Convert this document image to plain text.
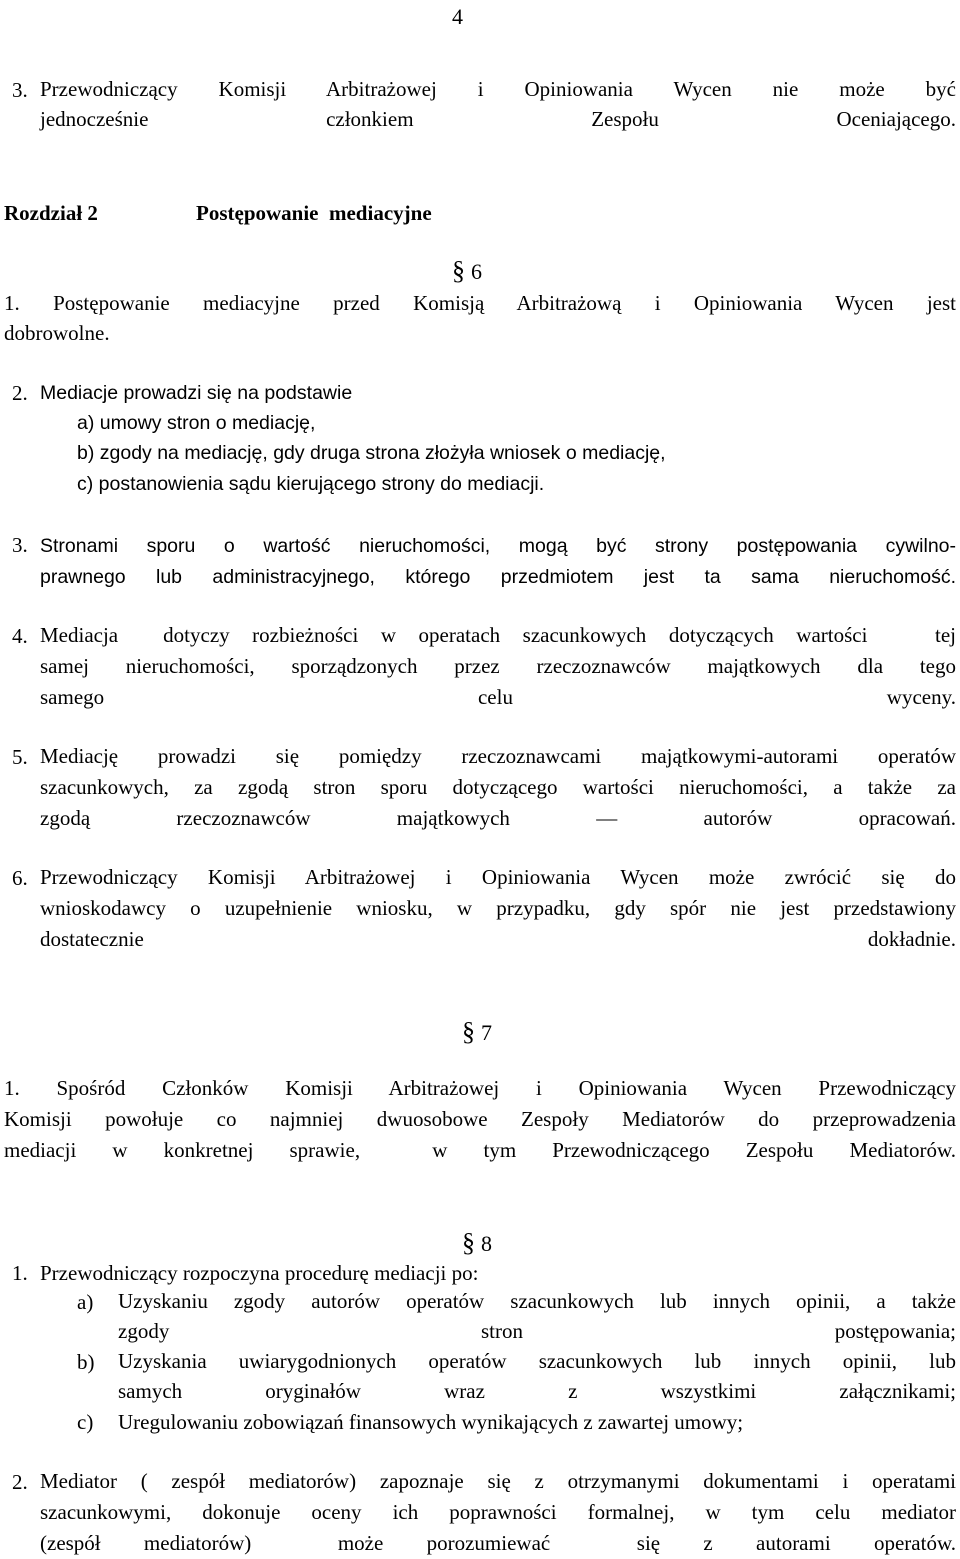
4
3. Przewodniczący Komisji Arbitrażowej i Opiniowania Wycen nie może być
jednocześnie członkiem Zespołu Oceniającego.
Rozdział 2	Postępowanie  mediacyjne
§ 6
1. Postępowanie mediacyjne przed Komisją Arbitrażową i Opiniowania Wycen jest
dobrowolne.
2. Mediacje prowadzi się na podstawie
a) umowy stron o mediację,
b) zgody na mediację, gdy druga strona złożyła wniosek o mediację,
c) postanowienia sądu kierującego strony do mediacji.
3. Stronami sporu o wartość nieruchomości, mogą być strony postępowania cywilno-
prawnego lub administracyjnego, którego przedmiotem jest ta sama nieruchomość.
4. Mediacja  dotyczy rozbieżności w operatach szacunkowych dotyczących wartości   tej
samej  nieruchomości,  sporządzonych  przez  rzeczoznawców  majątkowych  dla  tego
samego celu wyceny.
5. Mediację prowadzi się pomiędzy rzeczoznawcami majątkowymi-autorami operatów
szacunkowych, za zgodą stron sporu dotyczącego wartości nieruchomości, a także za
zgodą rzeczoznawców majątkowych — autorów opracowań.
6. Przewodniczący Komisji Arbitrażowej i Opiniowania Wycen może zwrócić się do
wnioskodawcy o uzupełnienie wniosku, w przypadku, gdy spór nie jest przedstawiony
dostatecznie dokładnie.
§ 7
1. Spośród Członków Komisji Arbitrażowej i Opiniowania Wycen Przewodniczący
Komisji powołuje co najmniej dwuosobowe Zespoły Mediatorów do przeprowadzenia
mediacji w konkretnej sprawie,  w tym Przewodniczącego Zespołu Mediatorów.
§ 8
1. Przewodniczący rozpoczyna procedurę mediacji po:
a) Uzyskaniu zgody autorów operatów szacunkowych lub innych opinii, a także
zgody stron postępowania;
b) Uzyskania uwiarygodnionych operatów szacunkowych lub innych opinii, lub
samych oryginałów wraz z wszystkimi załącznikami;
c) Uregulowaniu zobowiązań finansowych wynikających z zawartej umowy;
2. Mediator ( zespół mediatorów) zapoznaje się z otrzymanymi dokumentami i operatami
szacunkowymi, dokonuje oceny ich poprawności formalnej, w tym celu mediator
(zespół mediatorów)  może porozumiewać  się z autorami operatów.
